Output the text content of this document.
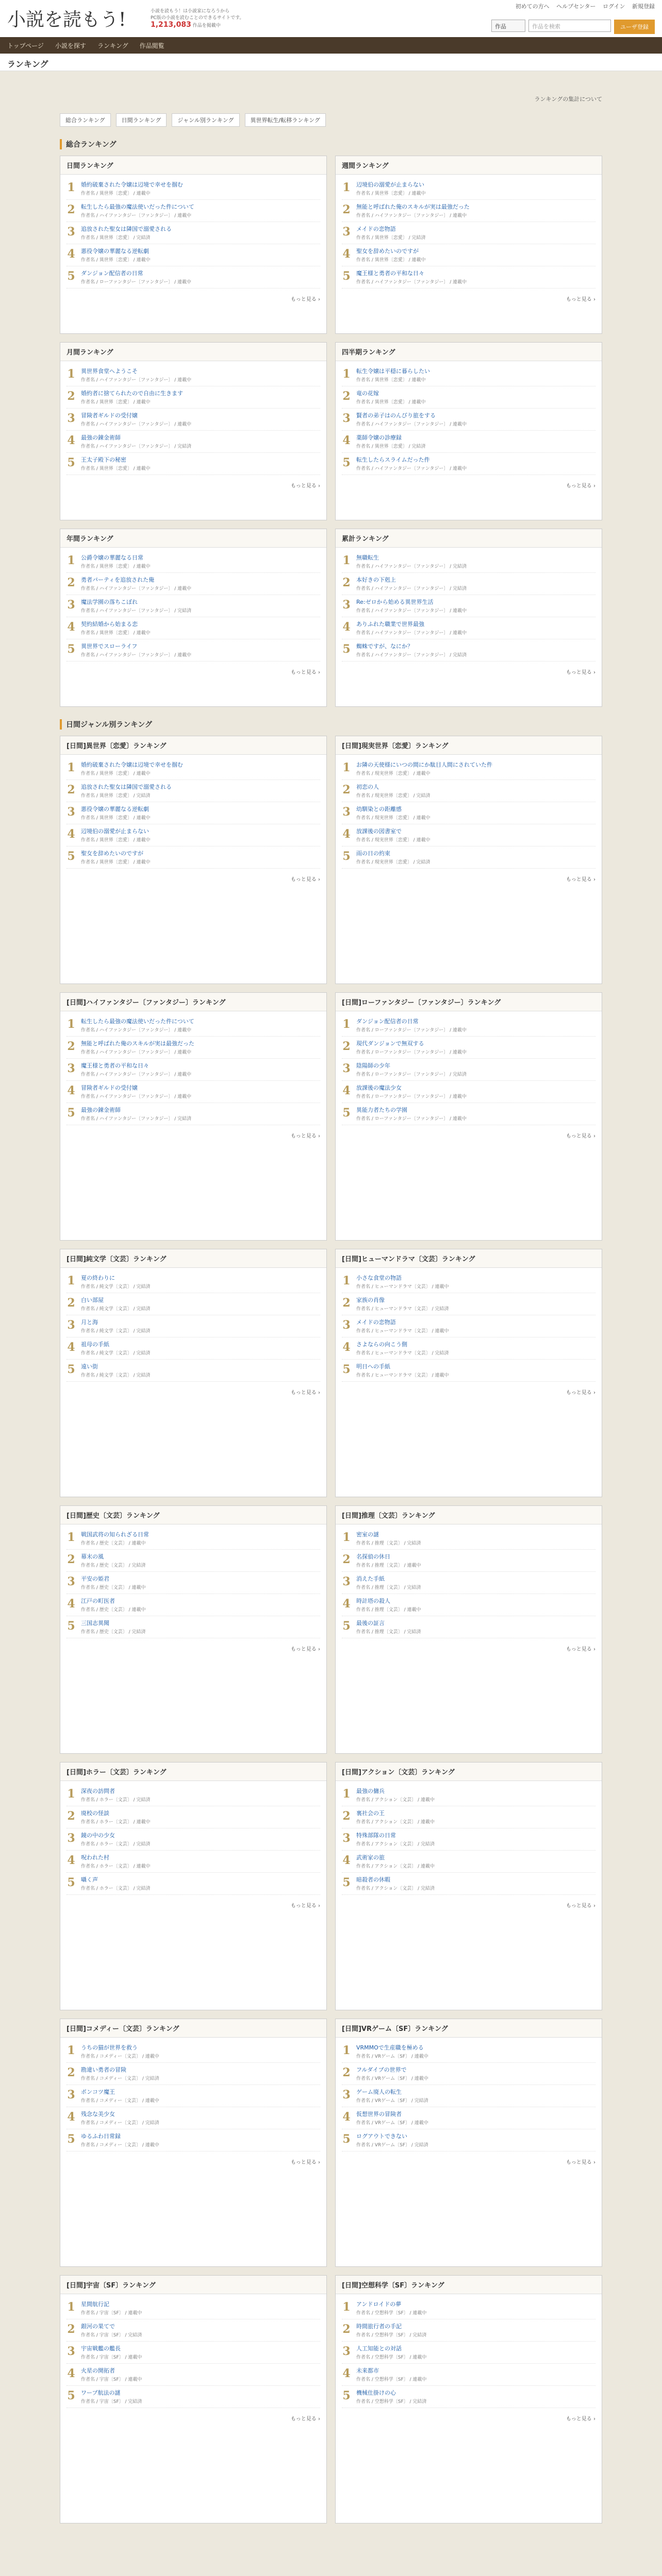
小説を読もう!	小説を読もう！は小説家になろうから
PC版の小説を読むことのできるサイトです。
1,213,083 作品を掲載中
初めての方へ ヘルプセンター ログイン 新規登録
作品	作品を検索	ユーザ登録
トップページ 小説を探す ランキング 作品閲覧
ランキング
ランキングの集計について
総合ランキング	日間ランキング	ジャンル別ランキング	異世界転生/転移ランキング
総合ランキング
日間ランキング
1 婚約破棄された令嬢は辺境で幸せを掴む
作者名 / 異世界〔恋愛〕 / 連載中
2 転生したら最強の魔法使いだった件について
作者名 / ハイファンタジー〔ファンタジー〕 / 連載中
3 追放された聖女は隣国で溺愛される
作者名 / 異世界〔恋愛〕 / 完結済
4 悪役令嬢の華麗なる逆転劇
作者名 / 異世界〔恋愛〕 / 連載中
5 ダンジョン配信者の日常
作者名 / ローファンタジー〔ファンタジー〕 / 連載中
もっと見る ›
週間ランキング
1 辺境伯の溺愛が止まらない
作者名 / 異世界〔恋愛〕 / 連載中
2 無能と呼ばれた俺のスキルが実は最強だった
作者名 / ハイファンタジー〔ファンタジー〕 / 連載中
3 メイドの恋物語
作者名 / 異世界〔恋愛〕 / 完結済
4 聖女を辞めたいのですが
作者名 / 異世界〔恋愛〕 / 連載中
5 魔王様と勇者の平和な日々
作者名 / ハイファンタジー〔ファンタジー〕 / 連載中
もっと見る ›
月間ランキング
1 異世界食堂へようこそ
作者名 / ハイファンタジー〔ファンタジー〕 / 連載中
2 婚約者に捨てられたので自由に生きます
作者名 / 異世界〔恋愛〕 / 連載中
3 冒険者ギルドの受付嬢
作者名 / ハイファンタジー〔ファンタジー〕 / 連載中
4 最強の錬金術師
作者名 / ハイファンタジー〔ファンタジー〕 / 完結済
5 王太子殿下の秘密
作者名 / 異世界〔恋愛〕 / 連載中
もっと見る ›
四半期ランキング
1 転生令嬢は平穏に暮らしたい
作者名 / 異世界〔恋愛〕 / 連載中
2 竜の花嫁
作者名 / 異世界〔恋愛〕 / 連載中
3 賢者の弟子はのんびり旅をする
作者名 / ハイファンタジー〔ファンタジー〕 / 連載中
4 薬師令嬢の診療録
作者名 / 異世界〔恋愛〕 / 完結済
5 転生したらスライムだった件
作者名 / ハイファンタジー〔ファンタジー〕 / 連載中
もっと見る ›
年間ランキング
1 公爵令嬢の華麗なる日常
作者名 / 異世界〔恋愛〕 / 連載中
2 勇者パーティを追放された俺
作者名 / ハイファンタジー〔ファンタジー〕 / 連載中
3 魔法学園の落ちこぼれ
作者名 / ハイファンタジー〔ファンタジー〕 / 完結済
4 契約結婚から始まる恋
作者名 / 異世界〔恋愛〕 / 連載中
5 異世界でスローライフ
作者名 / ハイファンタジー〔ファンタジー〕 / 連載中
もっと見る ›
累計ランキング
1 無職転生
作者名 / ハイファンタジー〔ファンタジー〕 / 完結済
2 本好きの下剋上
作者名 / ハイファンタジー〔ファンタジー〕 / 完結済
3 Re:ゼロから始める異世界生活
作者名 / ハイファンタジー〔ファンタジー〕 / 連載中
4 ありふれた職業で世界最強
作者名 / ハイファンタジー〔ファンタジー〕 / 連載中
5 蜘蛛ですが、なにか？
作者名 / ハイファンタジー〔ファンタジー〕 / 完結済
もっと見る ›
日間ジャンル別ランキング
[日間]異世界〔恋愛〕ランキング
1 婚約破棄された令嬢は辺境で幸せを掴む
作者名 / 異世界〔恋愛〕 / 連載中
2 追放された聖女は隣国で溺愛される
作者名 / 異世界〔恋愛〕 / 完結済
3 悪役令嬢の華麗なる逆転劇
作者名 / 異世界〔恋愛〕 / 連載中
4 辺境伯の溺愛が止まらない
作者名 / 異世界〔恋愛〕 / 連載中
5 聖女を辞めたいのですが
作者名 / 異世界〔恋愛〕 / 連載中
もっと見る ›
[日間]現実世界〔恋愛〕ランキング
1 お隣の天使様にいつの間にか駄目人間にされていた件
作者名 / 現実世界〔恋愛〕 / 連載中
2 初恋の人
作者名 / 現実世界〔恋愛〕 / 完結済
3 幼馴染との距離感
作者名 / 現実世界〔恋愛〕 / 連載中
4 放課後の図書室で
作者名 / 現実世界〔恋愛〕 / 連載中
5 雨の日の約束
作者名 / 現実世界〔恋愛〕 / 完結済
もっと見る ›
[日間]ハイファンタジー〔ファンタジー〕ランキング
1 転生したら最強の魔法使いだった件について
作者名 / ハイファンタジー〔ファンタジー〕 / 連載中
2 無能と呼ばれた俺のスキルが実は最強だった
作者名 / ハイファンタジー〔ファンタジー〕 / 連載中
3 魔王様と勇者の平和な日々
作者名 / ハイファンタジー〔ファンタジー〕 / 連載中
4 冒険者ギルドの受付嬢
作者名 / ハイファンタジー〔ファンタジー〕 / 連載中
5 最強の錬金術師
作者名 / ハイファンタジー〔ファンタジー〕 / 完結済
もっと見る ›
[日間]ローファンタジー〔ファンタジー〕ランキング
1 ダンジョン配信者の日常
作者名 / ローファンタジー〔ファンタジー〕 / 連載中
2 現代ダンジョンで無双する
作者名 / ローファンタジー〔ファンタジー〕 / 連載中
3 陰陽師の少年
作者名 / ローファンタジー〔ファンタジー〕 / 完結済
4 放課後の魔法少女
作者名 / ローファンタジー〔ファンタジー〕 / 連載中
5 異能力者たちの学園
作者名 / ローファンタジー〔ファンタジー〕 / 連載中
もっと見る ›
[日間]純文学〔文芸〕ランキング
1 夏の終わりに
作者名 / 純文学〔文芸〕 / 完結済
2 白い部屋
作者名 / 純文学〔文芸〕 / 完結済
3 月と海
作者名 / 純文学〔文芸〕 / 完結済
4 祖母の手紙
作者名 / 純文学〔文芸〕 / 完結済
5 遠い街
作者名 / 純文学〔文芸〕 / 完結済
もっと見る ›
[日間]ヒューマンドラマ〔文芸〕ランキング
1 小さな食堂の物語
作者名 / ヒューマンドラマ〔文芸〕 / 連載中
2 家族の肖像
作者名 / ヒューマンドラマ〔文芸〕 / 完結済
3 メイドの恋物語
作者名 / ヒューマンドラマ〔文芸〕 / 連載中
4 さよならの向こう側
作者名 / ヒューマンドラマ〔文芸〕 / 完結済
5 明日への手紙
作者名 / ヒューマンドラマ〔文芸〕 / 連載中
もっと見る ›
[日間]歴史〔文芸〕ランキング
1 戦国武将の知られざる日常
作者名 / 歴史〔文芸〕 / 連載中
2 幕末の風
作者名 / 歴史〔文芸〕 / 完結済
3 平安の姫君
作者名 / 歴史〔文芸〕 / 連載中
4 江戸の町医者
作者名 / 歴史〔文芸〕 / 連載中
5 三国志異聞
作者名 / 歴史〔文芸〕 / 完結済
もっと見る ›
[日間]推理〔文芸〕ランキング
1 密室の謎
作者名 / 推理〔文芸〕 / 完結済
2 名探偵の休日
作者名 / 推理〔文芸〕 / 連載中
3 消えた手紙
作者名 / 推理〔文芸〕 / 完結済
4 時計塔の殺人
作者名 / 推理〔文芸〕 / 連載中
5 最後の証言
作者名 / 推理〔文芸〕 / 完結済
もっと見る ›
[日間]ホラー〔文芸〕ランキング
1 深夜の訪問者
作者名 / ホラー〔文芸〕 / 完結済
2 廃校の怪談
作者名 / ホラー〔文芸〕 / 連載中
3 鏡の中の少女
作者名 / ホラー〔文芸〕 / 完結済
4 呪われた村
作者名 / ホラー〔文芸〕 / 連載中
5 囁く声
作者名 / ホラー〔文芸〕 / 完結済
もっと見る ›
[日間]アクション〔文芸〕ランキング
1 最強の傭兵
作者名 / アクション〔文芸〕 / 連載中
2 裏社会の王
作者名 / アクション〔文芸〕 / 連載中
3 特殊部隊の日常
作者名 / アクション〔文芸〕 / 完結済
4 武術家の旅
作者名 / アクション〔文芸〕 / 連載中
5 暗殺者の休暇
作者名 / アクション〔文芸〕 / 完結済
もっと見る ›
[日間]コメディー〔文芸〕ランキング
1 うちの猫が世界を救う
作者名 / コメディー〔文芸〕 / 連載中
2 勘違い勇者の冒険
作者名 / コメディー〔文芸〕 / 完結済
3 ポンコツ魔王
作者名 / コメディー〔文芸〕 / 連載中
4 残念な美少女
作者名 / コメディー〔文芸〕 / 完結済
5 ゆるふわ日常録
作者名 / コメディー〔文芸〕 / 連載中
もっと見る ›
[日間]VRゲーム〔SF〕ランキング
1 VRMMOで生産職を極める
作者名 / VRゲーム〔SF〕 / 連載中
2 フルダイブの世界で
作者名 / VRゲーム〔SF〕 / 連載中
3 ゲーム廃人の転生
作者名 / VRゲーム〔SF〕 / 完結済
4 仮想世界の冒険者
作者名 / VRゲーム〔SF〕 / 連載中
5 ログアウトできない
作者名 / VRゲーム〔SF〕 / 完結済
もっと見る ›
[日間]宇宙〔SF〕ランキング
1 星間航行記
作者名 / 宇宙〔SF〕 / 連載中
2 銀河の果てで
作者名 / 宇宙〔SF〕 / 完結済
3 宇宙戦艦の艦長
作者名 / 宇宙〔SF〕 / 連載中
4 火星の開拓者
作者名 / 宇宙〔SF〕 / 連載中
5 ワープ航法の謎
作者名 / 宇宙〔SF〕 / 完結済
もっと見る ›
[日間]空想科学〔SF〕ランキング
1 アンドロイドの夢
作者名 / 空想科学〔SF〕 / 連載中
2 時間旅行者の手記
作者名 / 空想科学〔SF〕 / 完結済
3 人工知能との対話
作者名 / 空想科学〔SF〕 / 連載中
4 未来都市
作者名 / 空想科学〔SF〕 / 連載中
5 機械仕掛けの心
作者名 / 空想科学〔SF〕 / 完結済
もっと見る ›
